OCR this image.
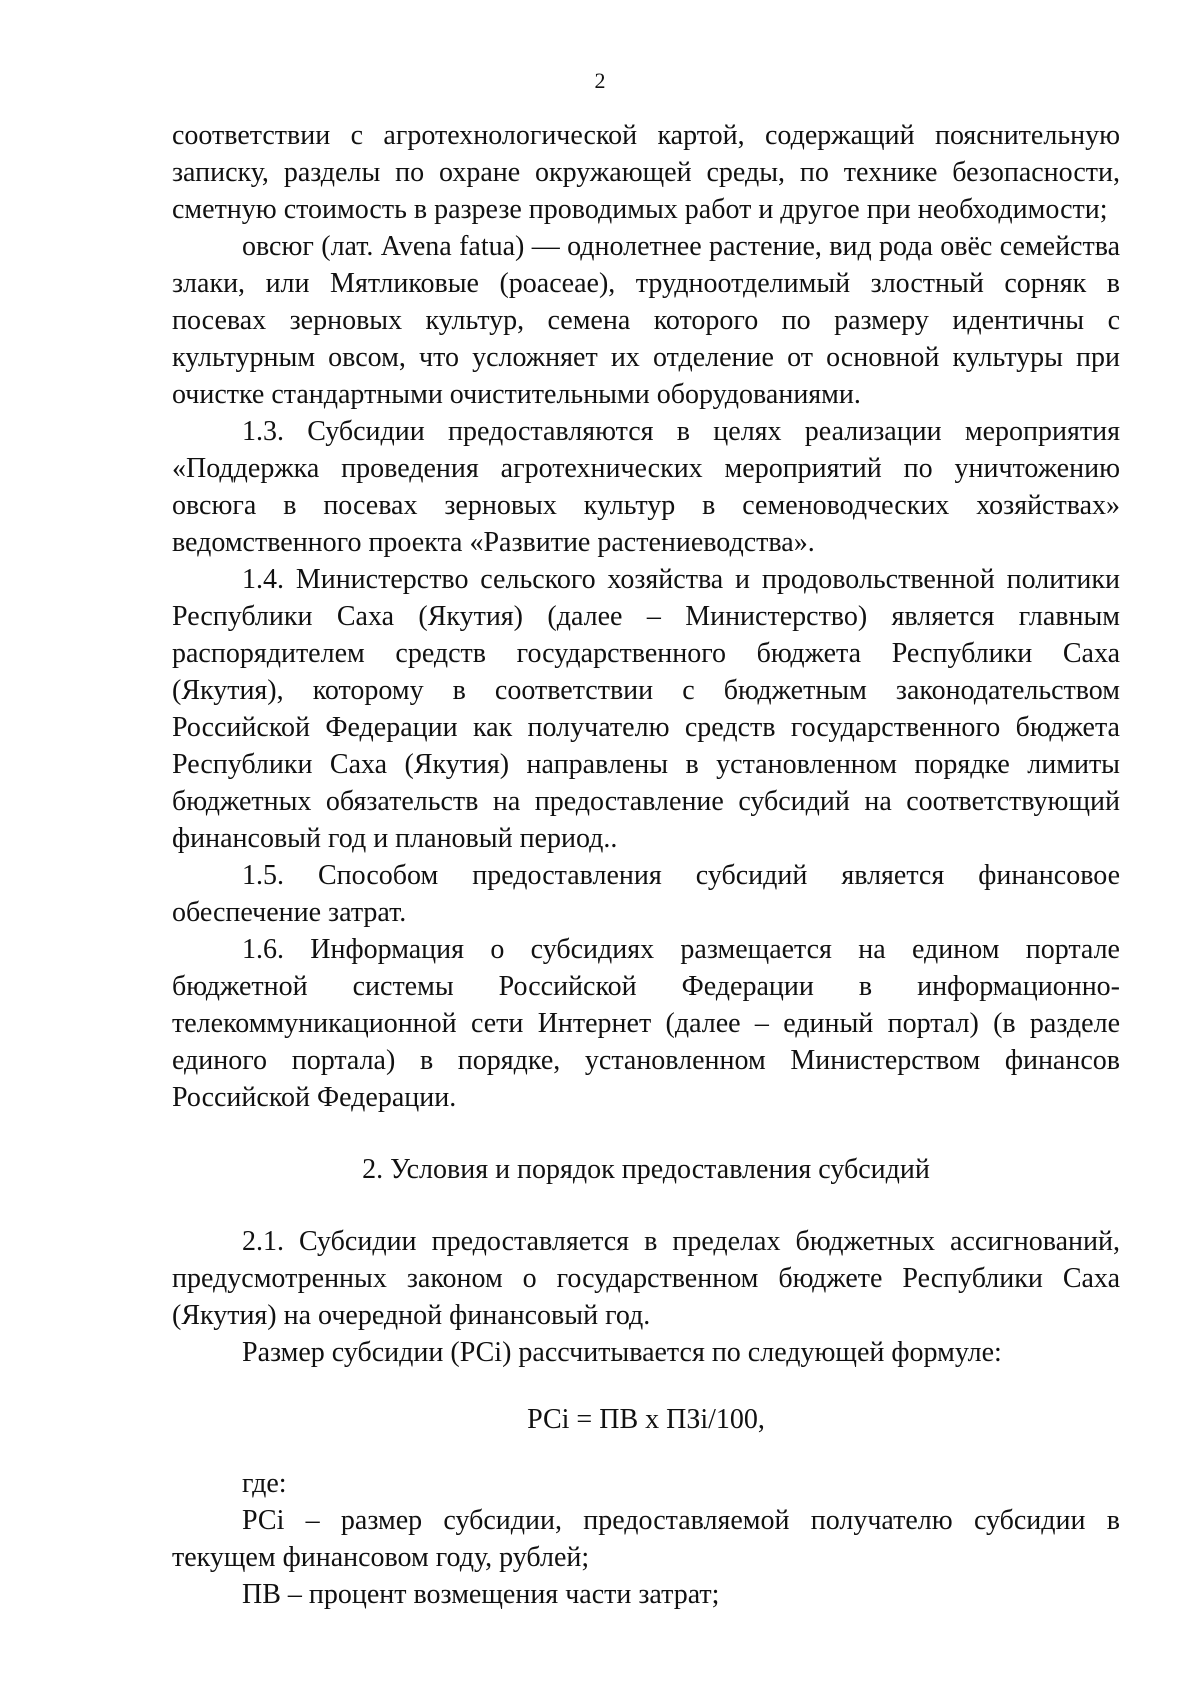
2

соответствии с агротехнологической картой, содержащий пояснительную записку, разделы по охране окружающей среды, по технике безопасности, сметную стоимость в разрезе проводимых работ и другое при необходимости;

овсюг (лат. Avena fatua) — однолетнее растение, вид рода овёс семейства злаки, или Мятликовые (poaceae), трудноотделимый злостный сорняк в посевах зерновых культур, семена которого по размеру идентичны с культурным овсом, что усложняет их отделение от основной культуры при очистке стандартными очистительными оборудованиями.

1.3. Субсидии предоставляются в целях реализации мероприятия «Поддержка проведения агротехнических мероприятий по уничтожению овсюга в посевах зерновых культур в семеноводческих хозяйствах» ведомственного проекта «Развитие растениеводства».

1.4. Министерство сельского хозяйства и продовольственной политики Республики Саха (Якутия) (далее – Министерство) является главным распорядителем средств государственного бюджета Республики Саха (Якутия), которому в соответствии с бюджетным законодательством Российской Федерации как получателю средств государственного бюджета Республики Саха (Якутия) направлены в установленном порядке лимиты бюджетных обязательств на предоставление субсидий на соответствующий финансовый год и плановый период..

1.5. Способом предоставления субсидий является финансовое обеспечение затрат.

1.6. Информация о субсидиях размещается на едином портале бюджетной системы Российской Федерации в информационно-телекоммуникационной сети Интернет (далее – единый портал) (в разделе единого портала) в порядке, установленном Министерством финансов Российской Федерации.

2. Условия и порядок предоставления субсидий

2.1. Субсидии предоставляется в пределах бюджетных ассигнований, предусмотренных законом о государственном бюджете Республики Саха (Якутия) на очередной финансовый год.

Размер субсидии (РСi) рассчитывается по следующей формуле:

РСi = ПВ х ПЗi/100,

где:

РСi – размер субсидии, предоставляемой получателю субсидии в текущем финансовом году, рублей;

ПВ – процент возмещения части затрат;
